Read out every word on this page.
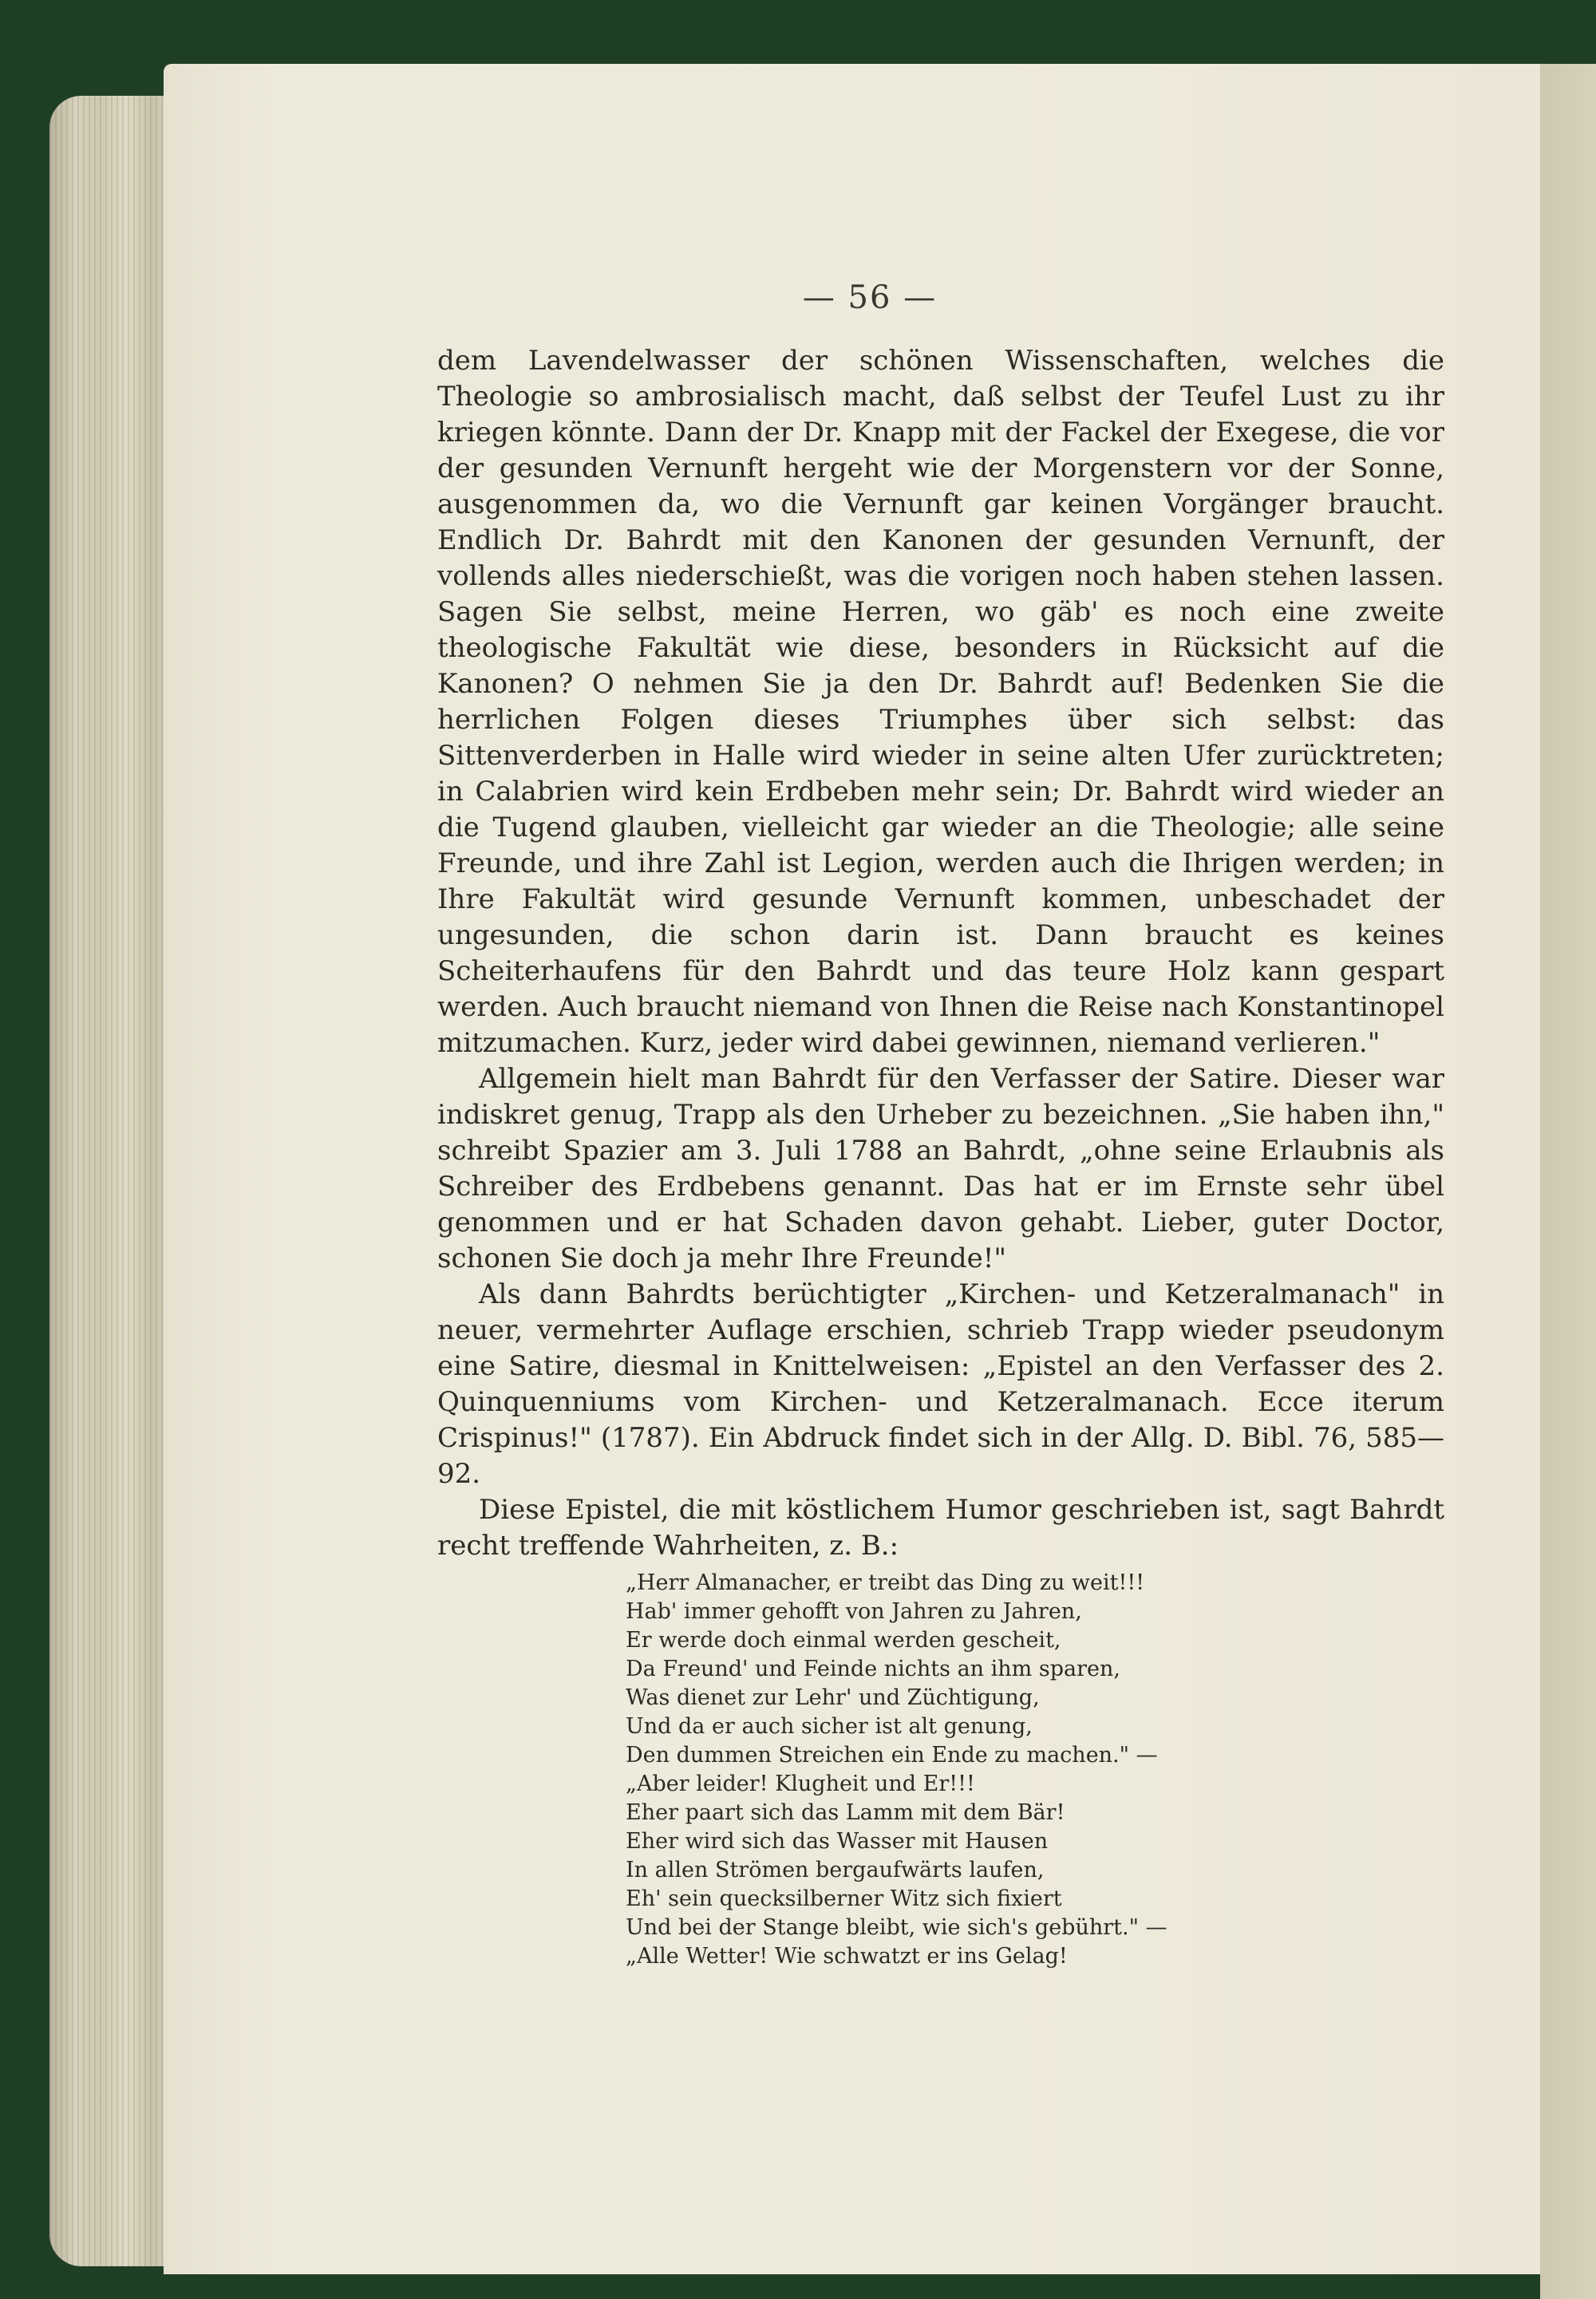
— 56 —

dem Lavendelwasser der schönen Wissenschaften, welches die Theologie so ambrosialisch macht, daß selbst der Teufel Lust zu ihr kriegen könnte. Dann der Dr. Knapp mit der Fackel der Exegese, die vor der gesunden Vernunft hergeht wie der Morgenstern vor der Sonne, ausgenommen da, wo die Vernunft gar keinen Vorgänger braucht. Endlich Dr. Bahrdt mit den Kanonen der gesunden Vernunft, der vollends alles niederschießt, was die vorigen noch haben stehen lassen. Sagen Sie selbst, meine Herren, wo gäb' es noch eine zweite theologische Fakultät wie diese, besonders in Rücksicht auf die Kanonen? O nehmen Sie ja den Dr. Bahrdt auf! Bedenken Sie die herrlichen Folgen dieses Triumphes über sich selbst: das Sittenverderben in Halle wird wieder in seine alten Ufer zurücktreten; in Calabrien wird kein Erdbeben mehr sein; Dr. Bahrdt wird wieder an die Tugend glauben, vielleicht gar wieder an die Theologie; alle seine Freunde, und ihre Zahl ist Legion, werden auch die Ihrigen werden; in Ihre Fakultät wird gesunde Vernunft kommen, unbeschadet der ungesunden, die schon darin ist. Dann braucht es keines Scheiterhaufens für den Bahrdt und das teure Holz kann gespart werden. Auch braucht niemand von Ihnen die Reise nach Konstantinopel mitzumachen. Kurz, jeder wird dabei gewinnen, niemand verlieren."

Allgemein hielt man Bahrdt für den Verfasser der Satire. Dieser war indiskret genug, Trapp als den Urheber zu bezeichnen. „Sie haben ihn," schreibt Spazier am 3. Juli 1788 an Bahrdt, „ohne seine Erlaubnis als Schreiber des Erdbebens genannt. Das hat er im Ernste sehr übel genommen und er hat Schaden davon gehabt. Lieber, guter Doctor, schonen Sie doch ja mehr Ihre Freunde!"

Als dann Bahrdts berüchtigter „Kirchen- und Ketzeralmanach" in neuer, vermehrter Auflage erschien, schrieb Trapp wieder pseudonym eine Satire, diesmal in Knittelweisen: „Epistel an den Verfasser des 2. Quinquenniums vom Kirchen- und Ketzeralmanach. Ecce iterum Crispinus!" (1787). Ein Abdruck findet sich in der Allg. D. Bibl. 76, 585—92.

Diese Epistel, die mit köstlichem Humor geschrieben ist, sagt Bahrdt recht treffende Wahrheiten, z. B.:

„Herr Almanacher, er treibt das Ding zu weit!!!
Hab' immer gehofft von Jahren zu Jahren,
Er werde doch einmal werden gescheit,
Da Freund' und Feinde nichts an ihm sparen,
Was dienet zur Lehr' und Züchtigung,
Und da er auch sicher ist alt genung,
Den dummen Streichen ein Ende zu machen." —
„Aber leider! Klugheit und Er!!!
Eher paart sich das Lamm mit dem Bär!
Eher wird sich das Wasser mit Hausen
In allen Strömen bergaufwärts laufen,
Eh' sein quecksilberner Witz sich fixiert
Und bei der Stange bleibt, wie sich's gebührt." —
„Alle Wetter! Wie schwatzt er ins Gelag!
